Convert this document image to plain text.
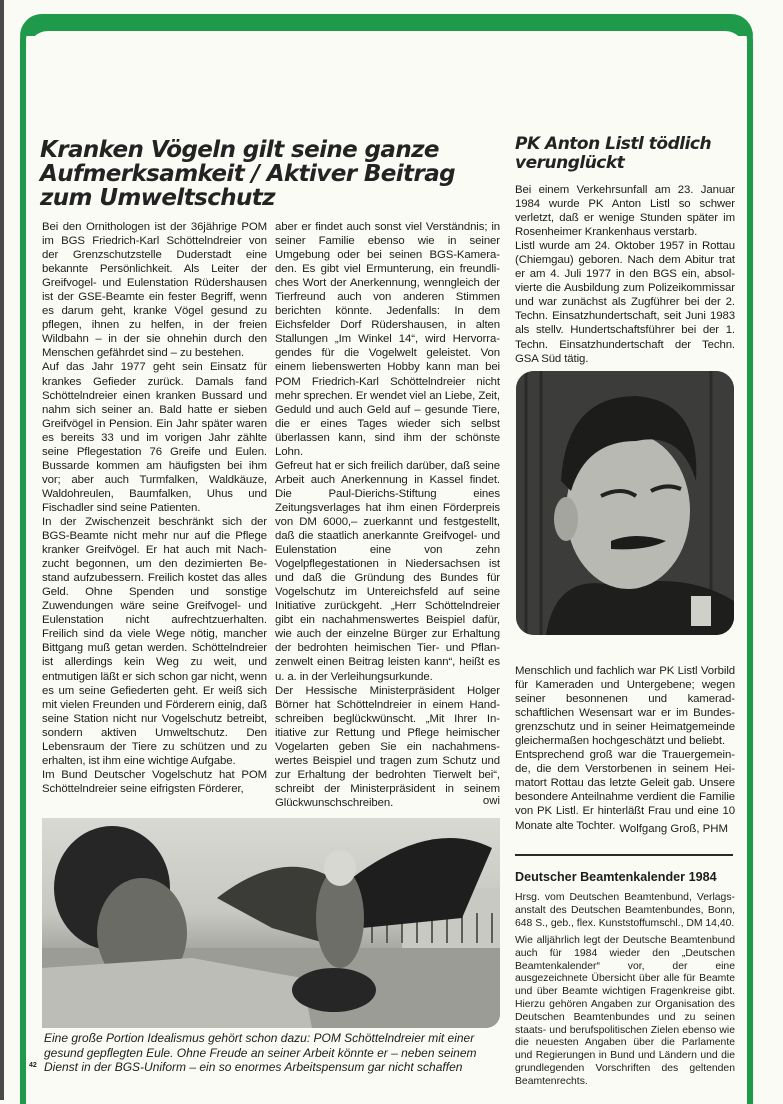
Kranken Vögeln gilt seine ganze Aufmerksamkeit / Aktiver Beitrag zum Umweltschutz

Bei den Ornithologen ist der 36jährige POM im BGS Friedrich-Karl Schöttelndreier von der Grenzschutzstelle Duderstadt eine bekannte Persönlichkeit. Als Leiter der Greifvogel- und Eulenstation Rüdershausen ist der GSE-Beamte ein fester Begriff, wenn es darum geht, kranke Vögel gesund zu pflegen, ihnen zu helfen, in der freien Wildbahn – in der sie ohnehin durch den Menschen gefährdet sind – zu bestehen.

Auf das Jahr 1977 geht sein Einsatz für krankes Gefieder zurück. Damals fand Schöttelndreier einen kranken Bussard und nahm sich seiner an. Bald hatte er sieben Greifvögel in Pension. Ein Jahr später waren es bereits 33 und im vorigen Jahr zählte seine Pflegestation 76 Greife und Eulen. Bussarde kommen am häufigsten bei ihm vor; aber auch Turmfalken, Waldkäuze, Waldohreulen, Baumfalken, Uhus und Fischadler sind seine Patienten.

In der Zwischenzeit beschränkt sich der BGS-Beamte nicht mehr nur auf die Pflege kranker Greifvögel. Er hat auch mit Nachzucht begonnen, um den dezimierten Bestand aufzubessern. Freilich kostet das alles Geld. Ohne Spenden und sonstige Zuwendungen wäre seine Greifvogel- und Eulenstation nicht aufrechtzuerhalten. Freilich sind da viele Wege nötig, mancher Bittgang muß getan werden. Schöttelndreier ist allerdings kein Weg zu weit, und entmutigen läßt er sich schon gar nicht, wenn es um seine Gefiederten geht. Er weiß sich mit vielen Freunden und Förderern einig, daß seine Station nicht nur Vogelschutz betreibt, sondern aktiven Umweltschutz. Den Lebensraum der Tiere zu schützen und zu erhalten, ist ihm eine wichtige Aufgabe.

Im Bund Deutscher Vogelschutz hat POM Schöttelndreier seine eifrigsten Förderer,

aber er findet auch sonst viel Verständnis; in seiner Familie ebenso wie in seiner Umgebung oder bei seinen BGS-Kameraden. Es gibt viel Ermunterung, ein freundliches Wort der Anerkennung, wenngleich der Tierfreund auch von anderen Stimmen berichten könnte. Jedenfalls: In dem Eichsfelder Dorf Rüdershausen, in alten Stallungen „Im Winkel 14“, wird Hervorragendes für die Vogelwelt geleistet. Von einem liebenswerten Hobby kann man bei POM Friedrich-Karl Schöttelndreier nicht mehr sprechen. Er wendet viel an Liebe, Zeit, Geduld und auch Geld auf – gesunde Tiere, die er eines Tages wieder sich selbst überlassen kann, sind ihm der schönste Lohn.

Gefreut hat er sich freilich darüber, daß seine Arbeit auch Anerkennung in Kassel findet. Die Paul-Dierichs-Stiftung eines Zeitungsverlages hat ihm einen Förderpreis von DM 6000,– zuerkannt und festgestellt, daß die staatlich anerkannte Greifvogel- und Eulenstation eine von zehn Vogelpflegestationen in Niedersachsen ist und daß die Gründung des Bundes für Vogelschutz im Untereichsfeld auf seine Initiative zurückgeht. „Herr Schöttelndreier gibt ein nachahmenswertes Beispiel dafür, wie auch der einzelne Bürger zur Erhaltung der bedrohten heimischen Tier- und Pflanzenwelt einen Beitrag leisten kann“, heißt es u. a. in der Verleihungsurkunde.

Der Hessische Ministerpräsident Holger Börner hat Schöttelndreier in einem Handschreiben beglückwünscht. „Mit Ihrer Initiative zur Rettung und Pflege heimischer Vogelarten geben Sie ein nachahmenswertes Beispiel und tragen zum Schutz und zur Erhaltung der bedrohten Tierwelt bei“, schreibt der Ministerpräsident in seinem Glückwunschschreiben.	owi
Eine große Portion Idealismus gehört schon dazu: POM Schöttelndreier mit einer gesund gepflegten Eule. Ohne Freude an seiner Arbeit könnte er – neben seinem Dienst in der BGS-Uniform – ein so enormes Arbeitspensum gar nicht schaffen
42
PK Anton Listl tödlich verunglückt

Bei einem Verkehrsunfall am 23. Januar 1984 wurde PK Anton Listl so schwer verletzt, daß er wenige Stunden später im Rosenheimer Krankenhaus verstarb.

Listl wurde am 24. Oktober 1957 in Rottau (Chiemgau) geboren. Nach dem Abitur trat er am 4. Juli 1977 in den BGS ein, absolvierte die Ausbildung zum Polizeikommissar und war zunächst als Zugführer bei der 2. Techn. Einsatzhundertschaft, seit Juni 1983 als stellv. Hundertschaftsführer bei der 1. Techn. Einsatzhundertschaft der Techn. GSA Süd tätig.

Menschlich und fachlich war PK Listl Vorbild für Kameraden und Untergebene; wegen seiner besonnenen und kameradschaftlichen Wesensart war er im Bundesgrenzschutz und in seiner Heimatgemeinde gleichermaßen hochgeschätzt und beliebt.

Entsprechend groß war die Trauergemeinde, die dem Verstorbenen in seinem Heimatort Rottau das letzte Geleit gab. Unsere besondere Anteilnahme verdient die Familie von PK Listl. Er hinterläßt Frau und eine 10 Monate alte Tochter. Wolfgang Groß, PHM
Deutscher Beamtenkalender 1984

Hrsg. vom Deutschen Beamtenbund, Verlagsanstalt des Deutschen Beamtenbundes, Bonn, 648 S., geb., flex. Kunststoffumschl., DM 14,40.

Wie alljährlich legt der Deutsche Beamtenbund auch für 1984 wieder den „Deutschen Beamtenkalender“ vor, der eine ausgezeichnete Übersicht über alle für Beamte und über Beamte wichtigen Fragenkreise gibt. Hierzu gehören Angaben zur Organisation des Deutschen Beamtenbundes und zu seinen staats- und berufspolitischen Zielen ebenso wie die neuesten Angaben über die Parlamente und Regierungen in Bund und Ländern und die grundlegenden Vorschriften des geltenden Beamtenrechts.
